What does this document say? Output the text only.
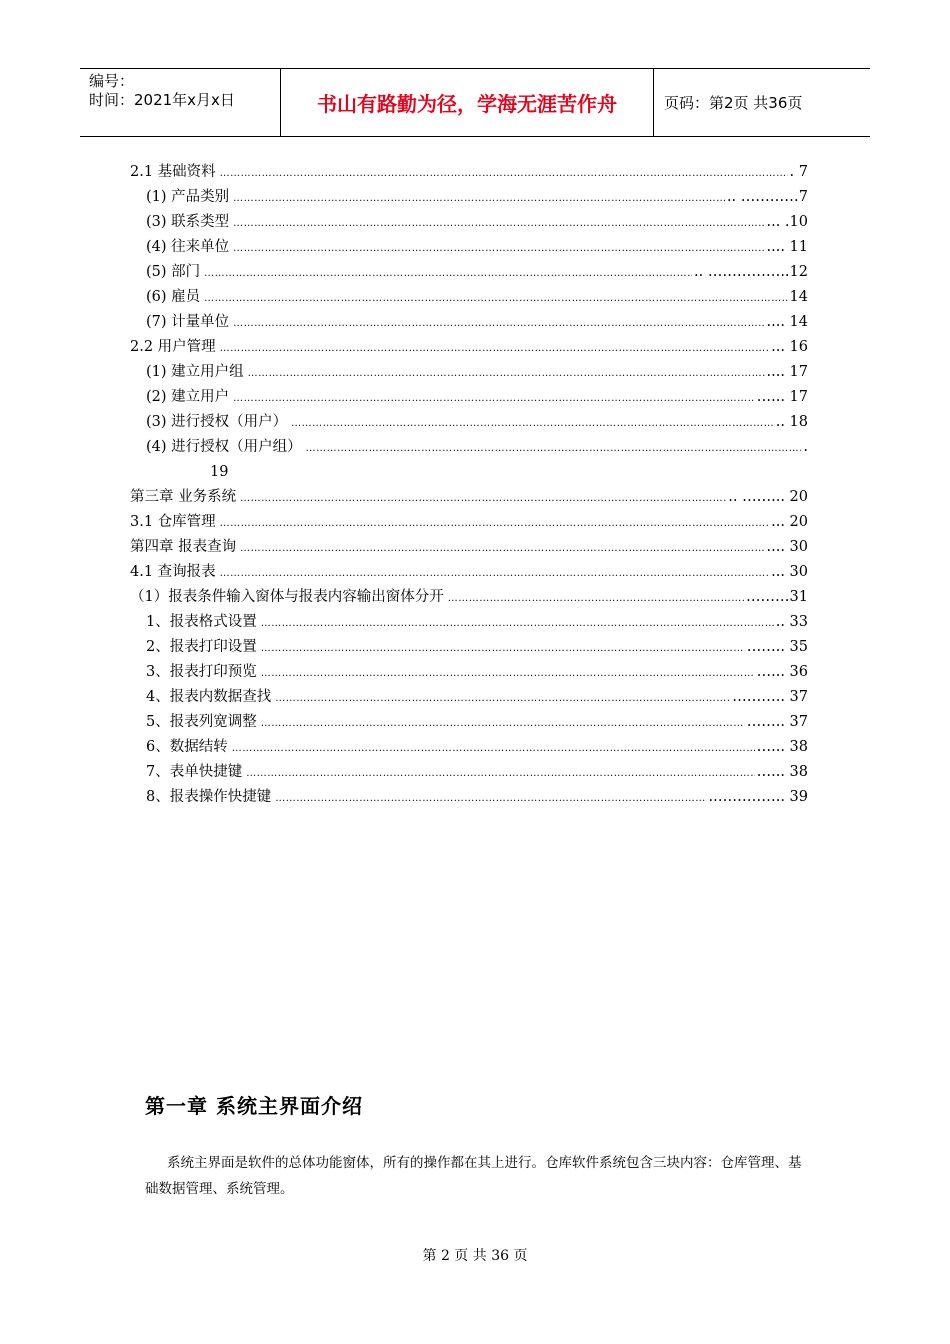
编号：
时间：2021年x月x日	书山有路勤为径，学海无涯苦作舟	页码：第2页 共36页
2.1 基础资料 …………………………………………………………………………………………………………………………………………………………………………………………………	. 7
(1) 产品类别 …………………………………………………………………………………………………………………………………………………………………………………………………	.. …………7
(3) 联系类型 …………………………………………………………………………………………………………………………………………………………………………………………………	... .10
(4) 往来单位 …………………………………………………………………………………………………………………………………………………………………………………………………	.... 11
(5) 部门 …………………………………………………………………………………………………………………………………………………………………………………………………	.. ……………..12
(6) 雇员 …………………………………………………………………………………………………………………………………………………………………………………………………	14
(7) 计量单位 …………………………………………………………………………………………………………………………………………………………………………………………………	.... 14
2.2 用户管理 …………………………………………………………………………………………………………………………………………………………………………………………………	... 16
(1) 建立用户组 …………………………………………………………………………………………………………………………………………………………………………………………………	.... 17
(2) 建立用户 …………………………………………………………………………………………………………………………………………………………………………………………………	…... 17
(3) 进行授权（用户） …………………………………………………………………………………………………………………………………………………………………………………………………	.. 18
(4) 进行授权（用户组） …………………………………………………………………………………………………………………………………………………………………………………………………	.
19
第三章 业务系统 …………………………………………………………………………………………………………………………………………………………………………………………………	.. ……... 20
3.1 仓库管理 …………………………………………………………………………………………………………………………………………………………………………………………………	... 20
第四章 报表查询 …………………………………………………………………………………………………………………………………………………………………………………………………	.... 30
4.1 查询报表 …………………………………………………………………………………………………………………………………………………………………………………………………	... 30
（1）报表条件输入窗体与报表内容输出窗体分开 …………………………………………………………………………………………………………………………………………………………………………………………………	………31
1、报表格式设置 …………………………………………………………………………………………………………………………………………………………………………………………………	.. 33
2、报表打印设置 …………………………………………………………………………………………………………………………………………………………………………………………………	…….. 35
3、报表打印预览 …………………………………………………………………………………………………………………………………………………………………………………………………	…... 36
4、报表内数据查找 …………………………………………………………………………………………………………………………………………………………………………………………………	……….. 37
5、报表列宽调整 …………………………………………………………………………………………………………………………………………………………………………………………………	…….. 37
6、数据结转 …………………………………………………………………………………………………………………………………………………………………………………………………	…... 38
7、表单快捷键 …………………………………………………………………………………………………………………………………………………………………………………………………	…... 38
8、报表操作快捷键 …………………………………………………………………………………………………………………………………………………………………………………………………	..………….. 39
第一章 系统主界面介绍
系统主界面是软件的总体功能窗体，所有的操作都在其上进行。仓库软件系统包含三块内容：仓库管理、基础数据管理、系统管理。
第 2 页 共 36 页
